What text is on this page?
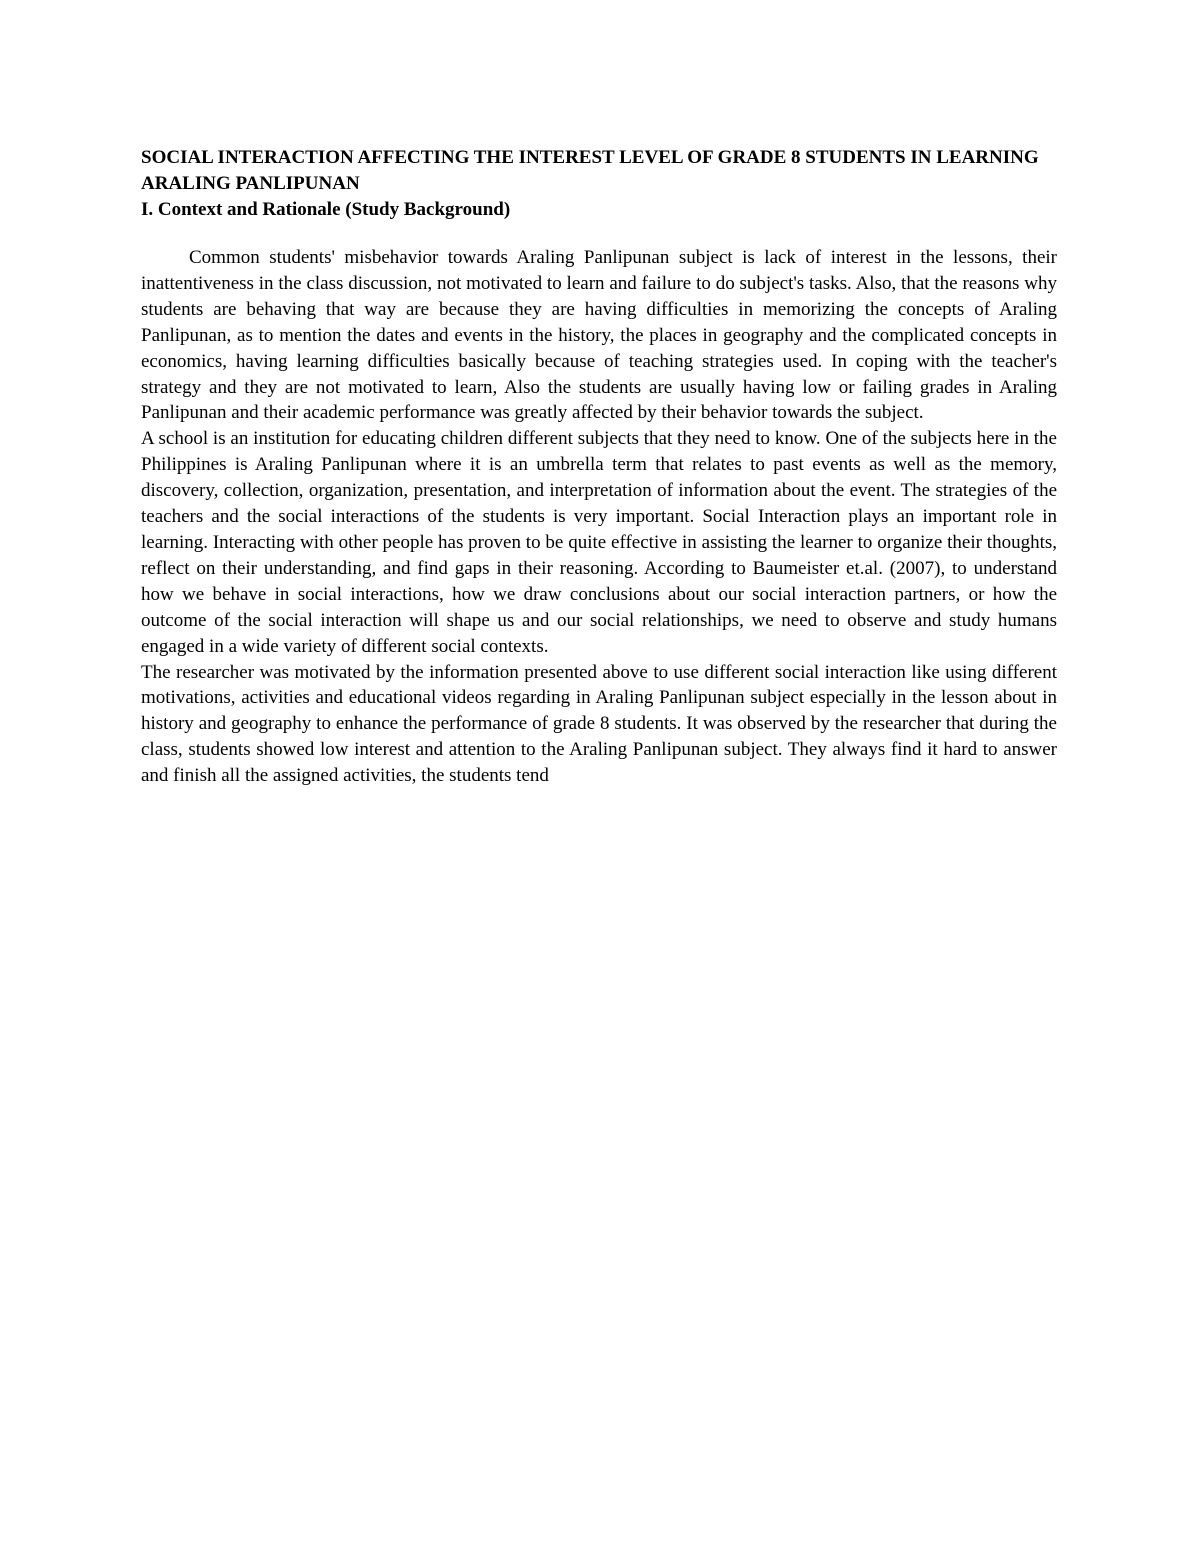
SOCIAL INTERACTION AFFECTING THE INTEREST LEVEL OF GRADE 8 STUDENTS IN LEARNING ARALING PANLIPUNAN
I. Context and Rationale (Study Background)

Common students' misbehavior towards Araling Panlipunan subject is lack of interest in the lessons, their inattentiveness in the class discussion, not motivated to learn and failure to do subject's tasks. Also, that the reasons why students are behaving that way are because they are having difficulties in memorizing the concepts of Araling Panlipunan, as to mention the dates and events in the history, the places in geography and the complicated concepts in economics, having learning difficulties basically because of teaching strategies used. In coping with the teacher's strategy and they are not motivated to learn, Also the students are usually having low or failing grades in Araling Panlipunan and their academic performance was greatly affected by their behavior towards the subject.

A school is an institution for educating children different subjects that they need to know. One of the subjects here in the Philippines is Araling Panlipunan where it is an umbrella term that relates to past events as well as the memory, discovery, collection, organization, presentation, and interpretation of information about the event. The strategies of the teachers and the social interactions of the students is very important. Social Interaction plays an important role in learning. Interacting with other people has proven to be quite effective in assisting the learner to organize their thoughts, reflect on their understanding, and find gaps in their reasoning. According to Baumeister et.al. (2007), to understand how we behave in social interactions, how we draw conclusions about our social interaction partners, or how the outcome of the social interaction will shape us and our social relationships, we need to observe and study humans engaged in a wide variety of different social contexts.

The researcher was motivated by the information presented above to use different social interaction like using different motivations, activities and educational videos regarding in Araling Panlipunan subject especially in the lesson about in history and geography to enhance the performance of grade 8 students. It was observed by the researcher that during the class, students showed low interest and attention to the Araling Panlipunan subject. They always find it hard to answer and finish all the assigned activities, the students tend
